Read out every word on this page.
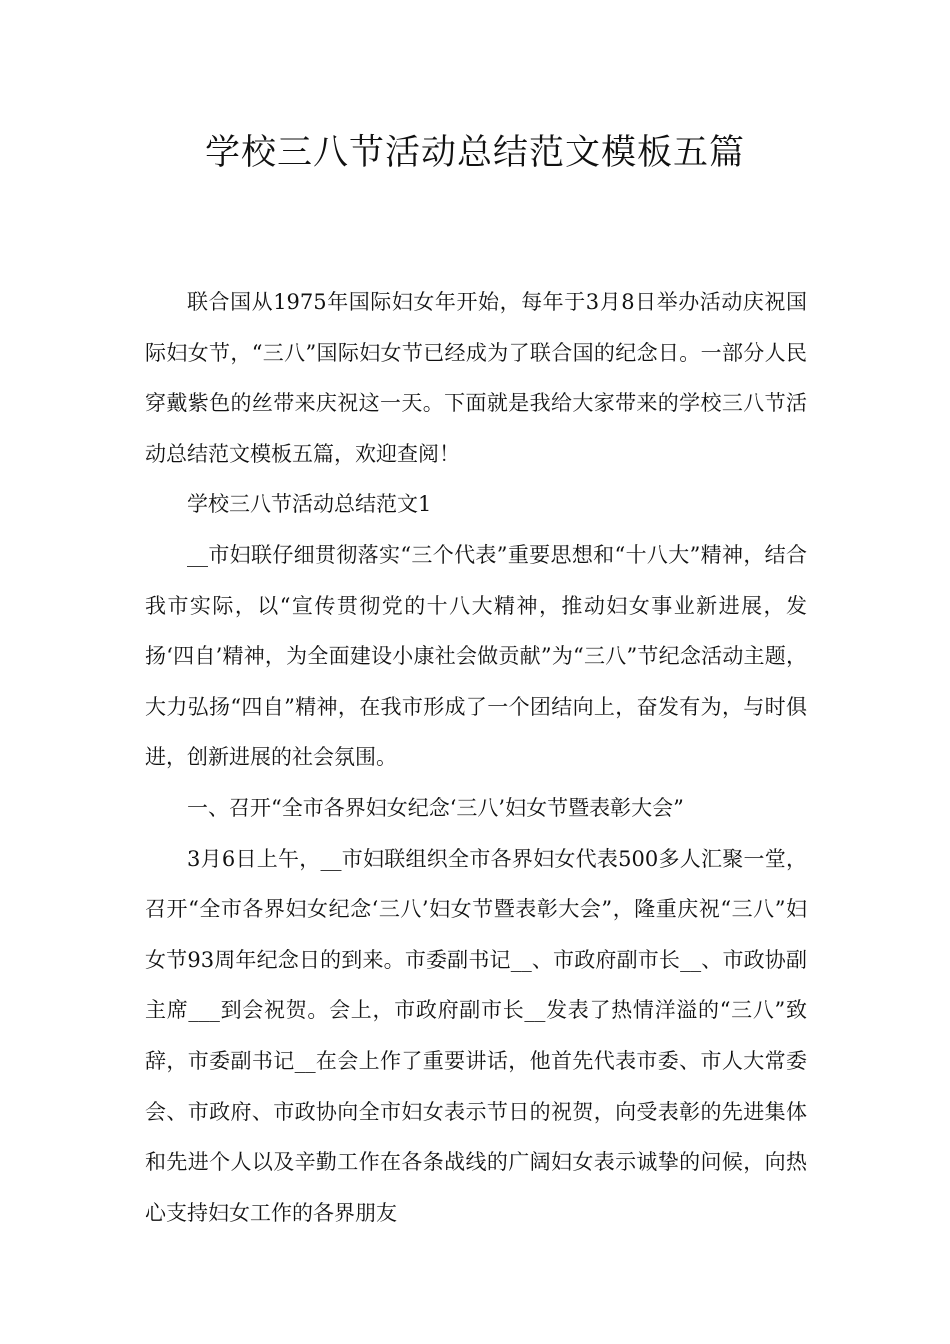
学校三八节活动总结范文模板五篇

联合国从1975年国际妇女年开始，每年于3月8日举办活动庆祝国际妇女节，“三八”国际妇女节已经成为了联合国的纪念日。一部分人民穿戴紫色的丝带来庆祝这一天。下面就是我给大家带来的学校三八节活动总结范文模板五篇，欢迎查阅！

学校三八节活动总结范文1

__市妇联仔细贯彻落实“三个代表”重要思想和“十八大”精神，结合我市实际，以“宣传贯彻党的十八大精神，推动妇女事业新进展，发扬‘四自’精神，为全面建设小康社会做贡献”为“三八”节纪念活动主题，大力弘扬“四自”精神，在我市形成了一个团结向上，奋发有为，与时俱进，创新进展的社会氛围。

一、召开“全市各界妇女纪念‘三八’妇女节暨表彰大会”

3月6日上午，__市妇联组织全市各界妇女代表500多人汇聚一堂，召开“全市各界妇女纪念‘三八’妇女节暨表彰大会”，隆重庆祝“三八”妇女节93周年纪念日的到来。市委副书记__、市政府副市长__、市政协副主席___到会祝贺。会上，市政府副市长__发表了热情洋溢的“三八”致辞，市委副书记__在会上作了重要讲话，他首先代表市委、市人大常委会、市政府、市政协向全市妇女表示节日的祝贺，向受表彰的先进集体和先进个人以及辛勤工作在各条战线的广阔妇女表示诚挚的问候，向热心支持妇女工作的各界朋友
